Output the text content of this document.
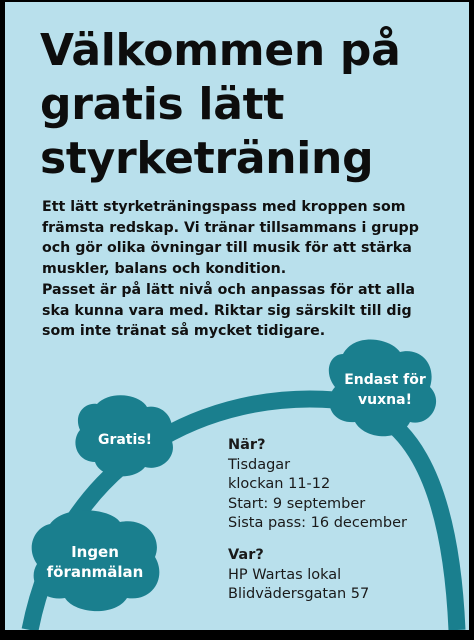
Välkommen på
gratis lätt
styrketräning

Ett lätt styrketräningspass med kroppen som
främsta redskap. Vi tränar tillsammans i grupp
och gör olika övningar till musik för att stärka
muskler, balans och kondition.

Passet är på lätt nivå och anpassas för att alla
ska kunna vara med. Riktar sig särskilt till dig
som inte tränat så mycket tidigare.

Endast för
vuxna!
Gratis!
Ingen
föranmälan
När?
Tisdagar
klockan 11-12
Start: 9 september
Sista pass: 16 december
Var?
HP Wartas lokal
Blidvädersgatan 57
